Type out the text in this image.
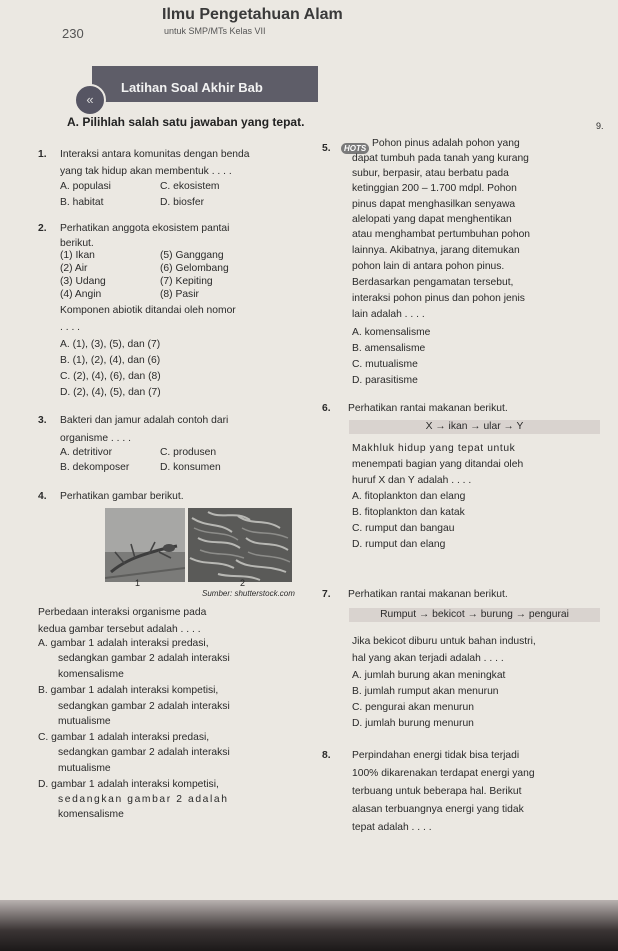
230
Ilmu Pengetahuan Alam
untuk SMP/MTs Kelas VII
9.
«
Latihan Soal Akhir Bab
A. Pilihlah salah satu jawaban yang tepat.
1. Interaksi antara komunitas dengan benda
yang tak hidup akan membentuk . . . .
A. populasi	C. ekosistem
B. habitat	D. biosfer
2. Perhatikan anggota ekosistem pantai
berikut.
(1) Ikan	(5) Ganggang
(2) Air	(6) Gelombang
(3) Udang	(7) Kepiting
(4) Angin	(8) Pasir
Komponen abiotik ditandai oleh nomor
. . . .
A. (1), (3), (5), dan (7)
B. (1), (2), (4), dan (6)
C. (2), (4), (6), dan (8)
D. (2), (4), (5), dan (7)
3. Bakteri dan jamur adalah contoh dari
organisme . . . .
A. detritivor	C. produsen
B. dekomposer	D. konsumen
4. Perhatikan gambar berikut.
1	2
Sumber: shutterstock.com
Perbedaan interaksi organisme pada
kedua gambar tersebut adalah . . . .
A. gambar 1 adalah interaksi predasi,
sedangkan gambar 2 adalah interaksi
komensalisme
B. gambar 1 adalah interaksi kompetisi,
sedangkan gambar 2 adalah interaksi
mutualisme
C. gambar 1 adalah interaksi predasi,
sedangkan gambar 2 adalah interaksi
mutualisme
D. gambar 1 adalah interaksi kompetisi,
sedangkan gambar 2 adalah
komensalisme
5.	HOTS Pohon pinus adalah pohon yang
dapat tumbuh pada tanah yang kurang
subur, berpasir, atau berbatu pada
ketinggian 200 – 1.700 mdpl. Pohon
pinus dapat menghasilkan senyawa
alelopati yang dapat menghentikan
atau menghambat pertumbuhan pohon
lainnya. Akibatnya, jarang ditemukan
pohon lain di antara pohon pinus.
Berdasarkan pengamatan tersebut,
interaksi pohon pinus dan pohon jenis
lain adalah . . . .
A. komensalisme
B. amensalisme
C. mutualisme
D. parasitisme
6. Perhatikan rantai makanan berikut.
X → ikan → ular → Y
Makhluk hidup yang tepat untuk
menempati bagian yang ditandai oleh
huruf X dan Y adalah . . . .
A. fitoplankton dan elang
B. fitoplankton dan katak
C. rumput dan bangau
D. rumput dan elang
7. Perhatikan rantai makanan berikut.
Rumput → bekicot → burung → pengurai
Jika bekicot diburu untuk bahan industri,
hal yang akan terjadi adalah . . . .
A. jumlah burung akan meningkat
B. jumlah rumput akan menurun
C. pengurai akan menurun
D. jumlah burung menurun
8. Perpindahan energi tidak bisa terjadi
100% dikarenakan terdapat energi yang
terbuang untuk beberapa hal. Berikut
alasan terbuangnya energi yang tidak
tepat adalah . . . .
